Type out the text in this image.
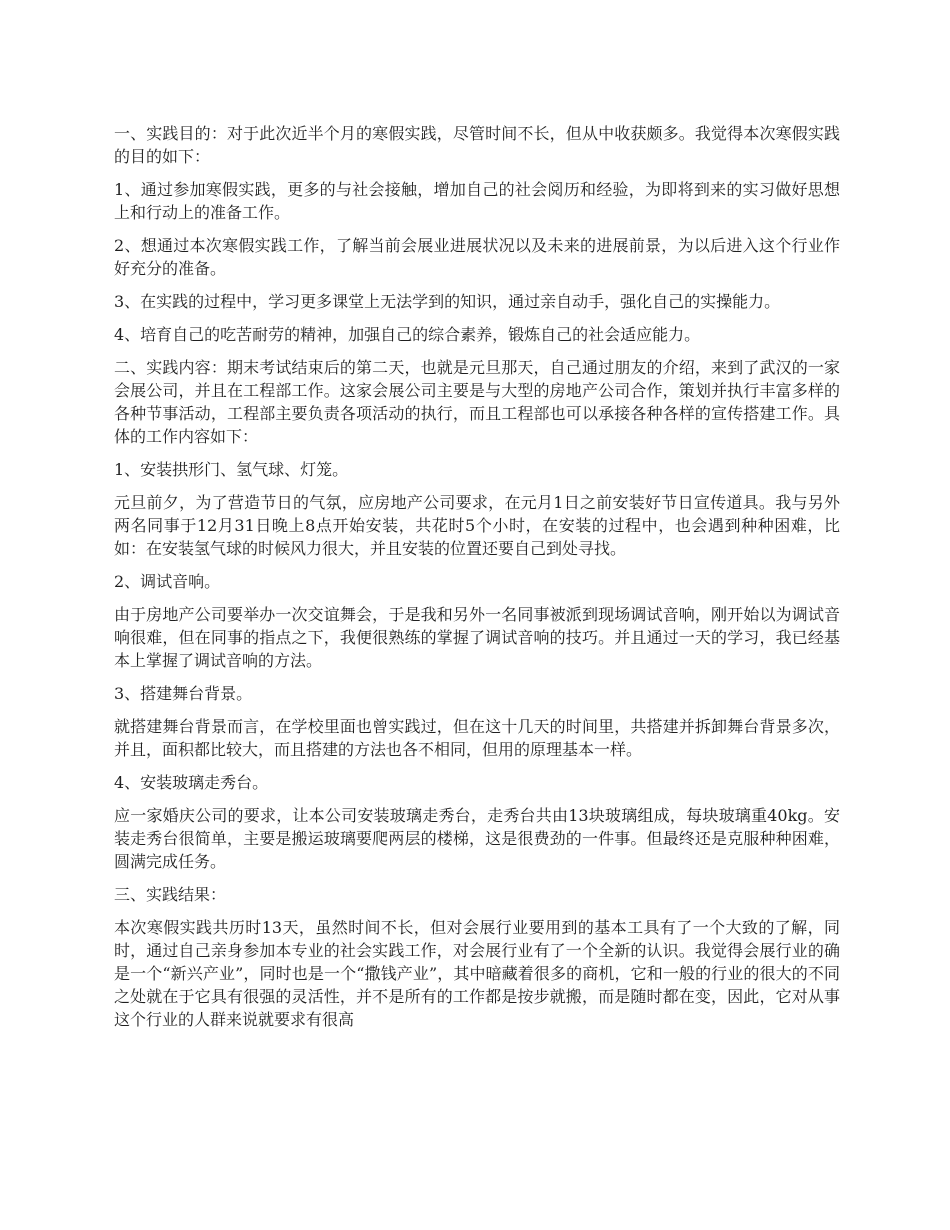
一、实践目的：对于此次近半个月的寒假实践，尽管时间不长，但从中收获颇多。我觉得本次寒假实践的目的如下：

1、通过参加寒假实践，更多的与社会接触，增加自己的社会阅历和经验，为即将到来的实习做好思想上和行动上的准备工作。

2、想通过本次寒假实践工作，了解当前会展业进展状况以及未来的进展前景，为以后进入这个行业作好充分的准备。

3、在实践的过程中，学习更多课堂上无法学到的知识，通过亲自动手，强化自己的实操能力。

4、培育自己的吃苦耐劳的精神，加强自己的综合素养，锻炼自己的社会适应能力。

二、实践内容：期末考试结束后的第二天，也就是元旦那天，自己通过朋友的介绍，来到了武汉的一家会展公司，并且在工程部工作。这家会展公司主要是与大型的房地产公司合作，策划并执行丰富多样的各种节事活动，工程部主要负责各项活动的执行，而且工程部也可以承接各种各样的宣传搭建工作。具体的工作内容如下：

1、安装拱形门、氢气球、灯笼。

元旦前夕，为了营造节日的气氛，应房地产公司要求，在元月1日之前安装好节日宣传道具。我与另外两名同事于12月31日晚上8点开始安装，共花时5个小时，在安装的过程中，也会遇到种种困难，比如：在安装氢气球的时候风力很大，并且安装的位置还要自己到处寻找。

2、调试音响。

由于房地产公司要举办一次交谊舞会，于是我和另外一名同事被派到现场调试音响，刚开始以为调试音响很难，但在同事的指点之下，我便很熟练的掌握了调试音响的技巧。并且通过一天的学习，我已经基本上掌握了调试音响的方法。

3、搭建舞台背景。

就搭建舞台背景而言，在学校里面也曾实践过，但在这十几天的时间里，共搭建并拆卸舞台背景多次，并且，面积都比较大，而且搭建的方法也各不相同，但用的原理基本一样。

4、安装玻璃走秀台。

应一家婚庆公司的要求，让本公司安装玻璃走秀台，走秀台共由13块玻璃组成，每块玻璃重40kg。安装走秀台很简单，主要是搬运玻璃要爬两层的楼梯，这是很费劲的一件事。但最终还是克服种种困难，圆满完成任务。

三、实践结果：

本次寒假实践共历时13天，虽然时间不长，但对会展行业要用到的基本工具有了一个大致的了解，同时，通过自己亲身参加本专业的社会实践工作，对会展行业有了一个全新的认识。我觉得会展行业的确是一个“新兴产业”，同时也是一个“撒钱产业”，其中暗藏着很多的商机，它和一般的行业的很大的不同之处就在于它具有很强的灵活性，并不是所有的工作都是按步就搬，而是随时都在变，因此，它对从事这个行业的人群来说就要求有很高
